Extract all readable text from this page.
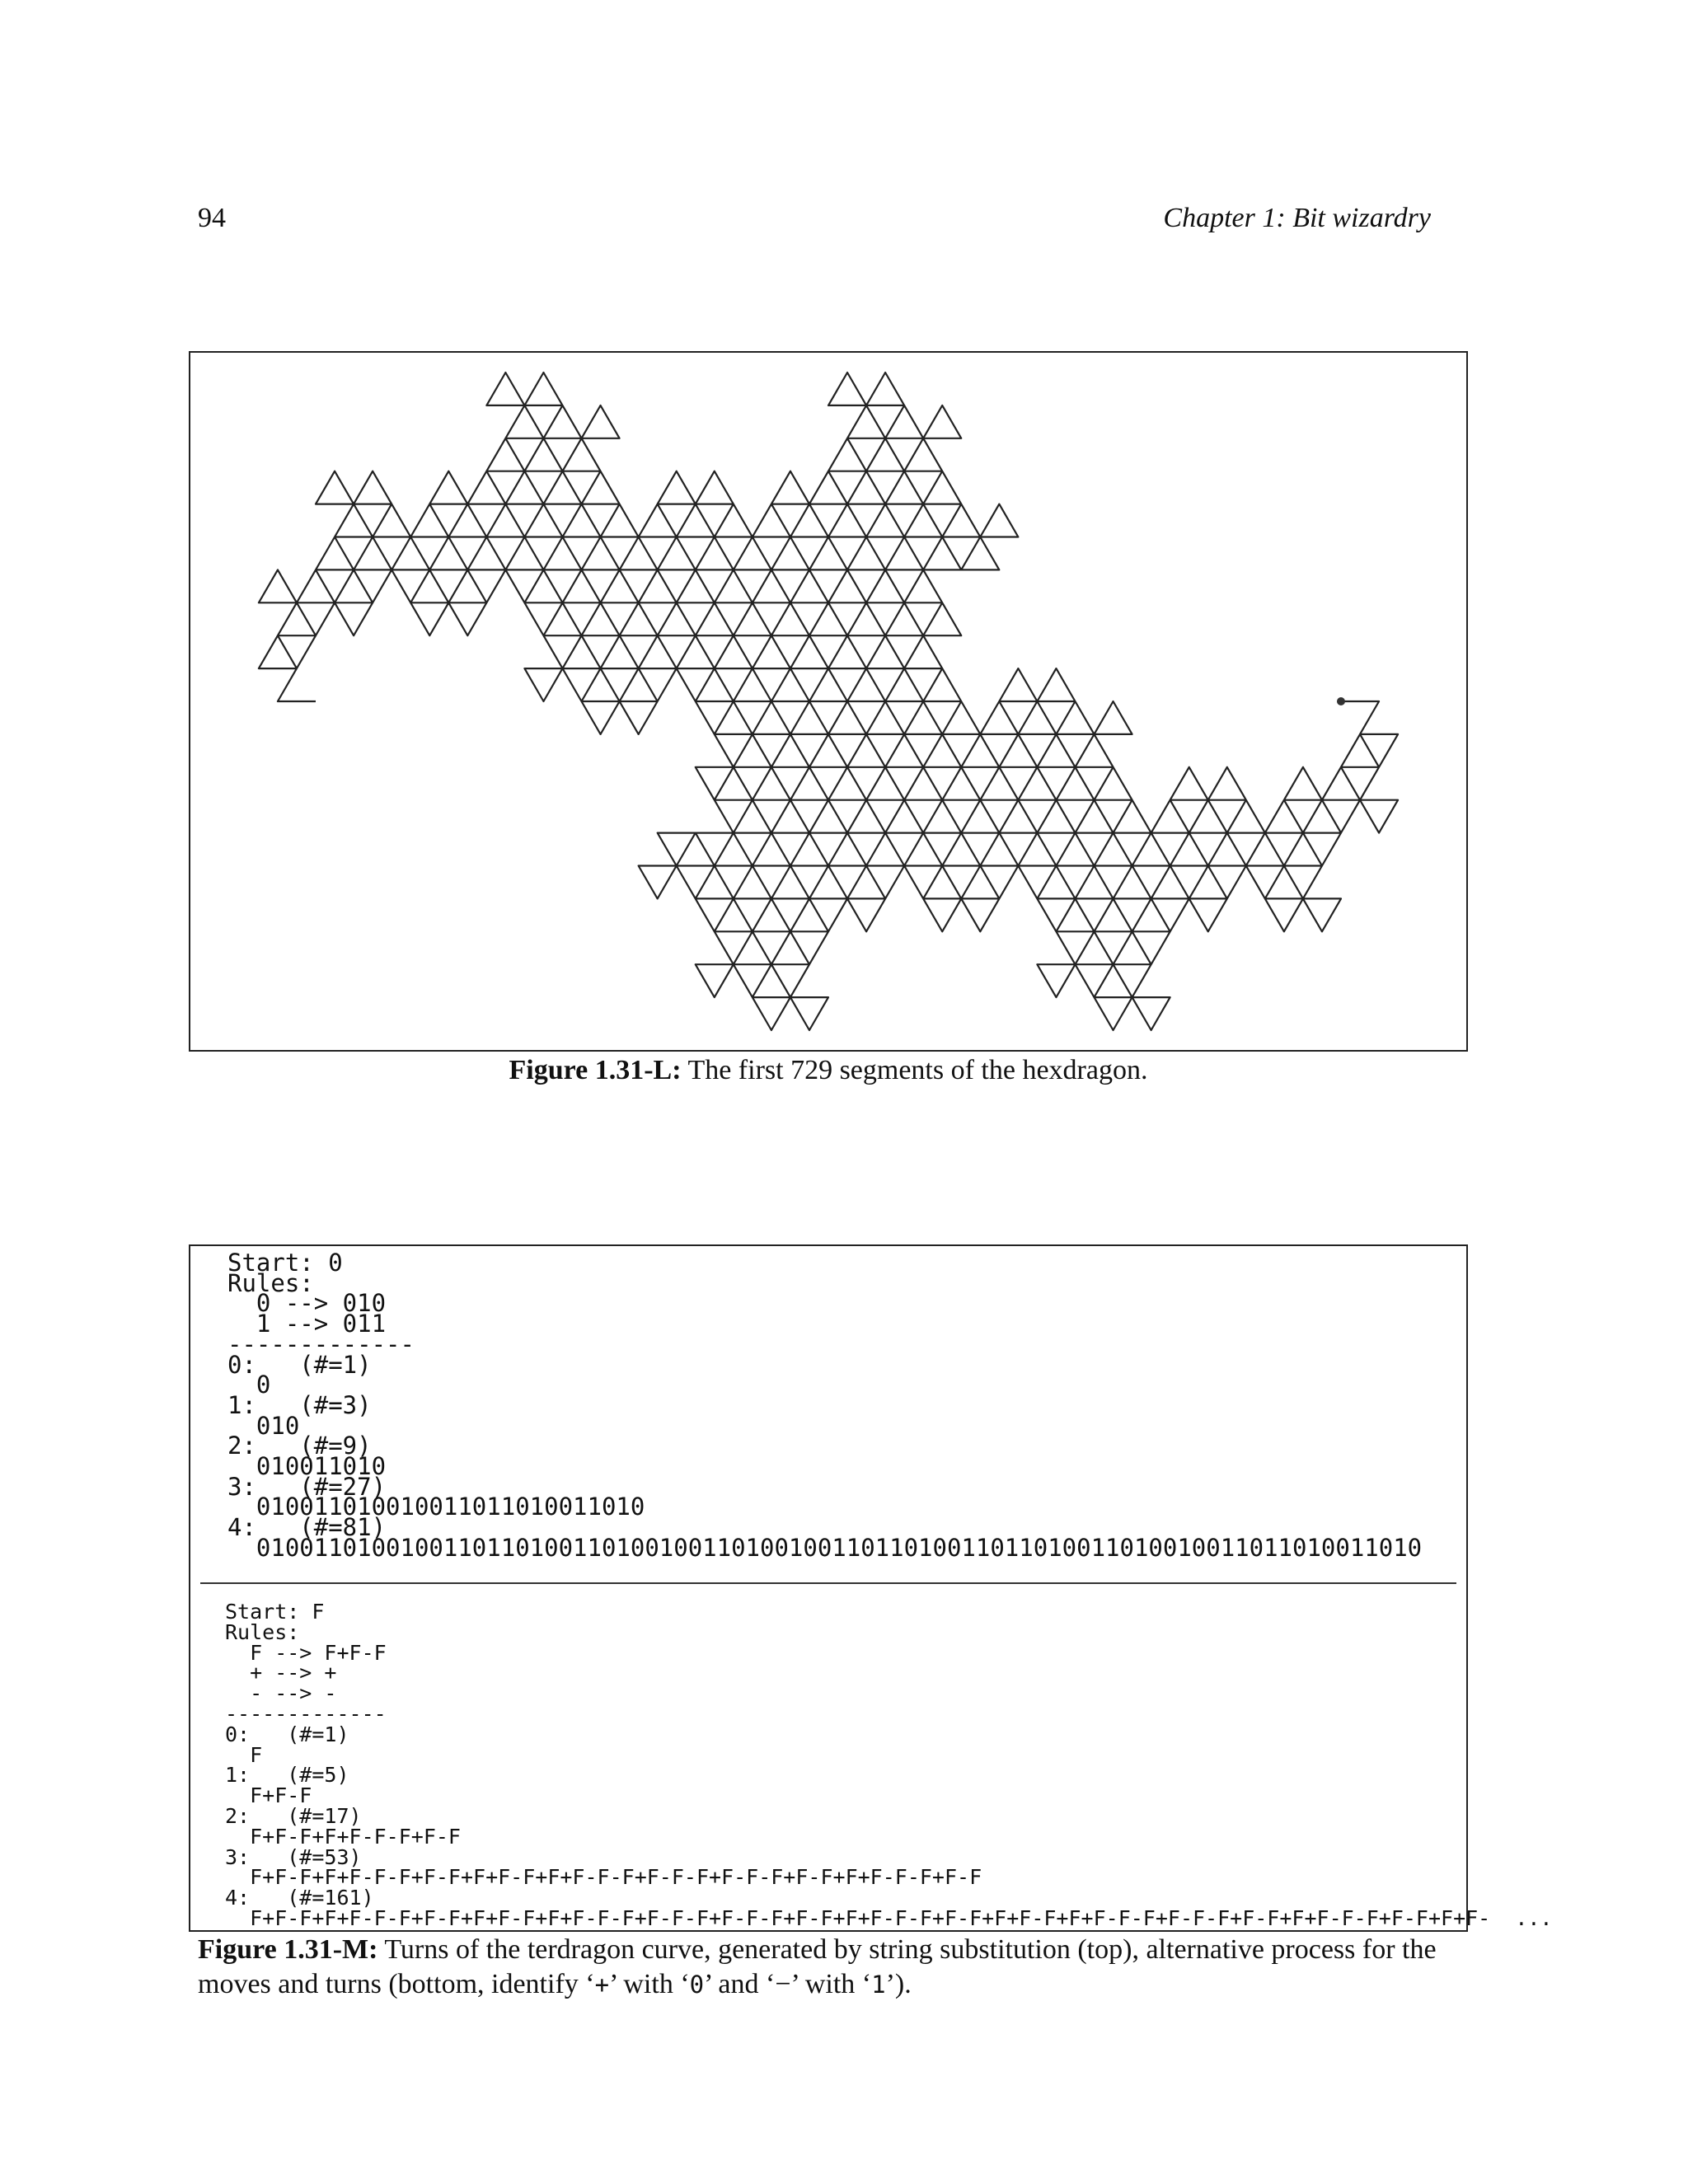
94	Chapter 1: Bit wizardry
Figure 1.31-L: The first 729 segments of the hexdragon.
Start: 0
Rules:
0 --> 010
1 --> 011
-------------
0:   (#=1)
0
1:   (#=3)
010
2:   (#=9)
010011010
3:   (#=27)
010011010010011011010011010
4:   (#=81)
010011010010011011010011010010011010010011011010011011010011010010011011010011010
Start: F
Rules:
F --> F+F-F
+ --> +
- --> -
-------------
0:   (#=1)
F
1:   (#=5)
F+F-F
2:   (#=17)
F+F-F+F+F-F-F+F-F
3:   (#=53)
F+F-F+F+F-F-F+F-F+F+F-F+F+F-F-F+F-F-F+F-F-F+F-F+F+F-F-F+F-F
4:   (#=161)
F+F-F+F+F-F-F+F-F+F+F-F+F+F-F-F+F-F-F+F-F-F+F-F+F+F-F-F+F-F+F+F-F+F+F-F-F+F-F-F+F-F+F+F-F-F+F-F+F+F-  ...
Figure 1.31-M: Turns of the terdragon curve, generated by string substitution (top), alternative process for the moves and turns (bottom, identify ‘+’ with ‘0’ and ‘−’ with ‘1’).
